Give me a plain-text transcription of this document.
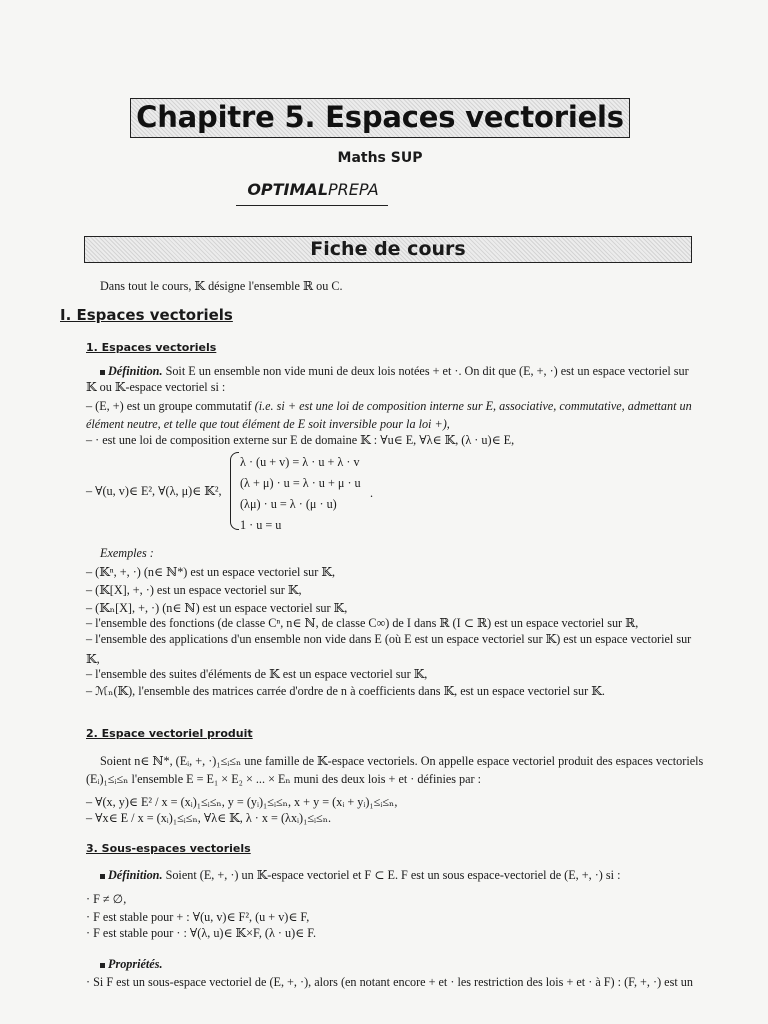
Chapitre 5. Espaces vectoriels
Maths SUP
OPTIMALPREPA
Fiche de cours
Dans tout le cours, 𝕂 désigne l'ensemble ℝ ou C.
I. Espaces vectoriels
1. Espaces vectoriels
Définition. Soit E un ensemble non vide muni de deux lois notées + et ·. On dit que (E, +, ·) est un espace vectoriel sur
𝕂 ou 𝕂-espace vectoriel si :
– (E, +) est un groupe commutatif (i.e. si + est une loi de composition interne sur E, associative, commutative, admettant un
élément neutre, et telle que tout élément de E soit inversible pour la loi +),
– · est une loi de composition externe sur E de domaine 𝕂 : ∀u∈ E, ∀λ∈ 𝕂, (λ · u)∈ E,
– ∀(u, v)∈ E², ∀(λ, μ)∈ 𝕂²,
λ · (u + v) = λ · u + λ · v
(λ + μ) · u = λ · u + μ · u
(λμ) · u = λ · (μ · u)
1 · u = u
.
Exemples :
– (𝕂ⁿ, +, ·) (n∈ ℕ*) est un espace vectoriel sur 𝕂,
– (𝕂[X], +, ·) est un espace vectoriel sur 𝕂,
– (𝕂ₙ[X], +, ·) (n∈ ℕ) est un espace vectoriel sur 𝕂,
– l'ensemble des fonctions (de classe Cⁿ, n∈ ℕ, de classe C∞) de I dans ℝ (I ⊂ ℝ) est un espace vectoriel sur ℝ,
– l'ensemble des applications d'un ensemble non vide dans E (où E est un espace vectoriel sur 𝕂) est un espace vectoriel sur
𝕂,
– l'ensemble des suites d'éléments de 𝕂 est un espace vectoriel sur 𝕂,
– ℳₙ(𝕂), l'ensemble des matrices carrée d'ordre de n à coefficients dans 𝕂, est un espace vectoriel sur 𝕂.
2. Espace vectoriel produit
Soient n∈ ℕ*, (Eᵢ, +, ·)₁≤ᵢ≤ₙ une famille de 𝕂-espace vectoriels. On appelle espace vectoriel produit des espaces vectoriels
(Eᵢ)₁≤ᵢ≤ₙ l'ensemble E = E₁ × E₂ × ... × Eₙ muni des deux lois + et · définies par :
– ∀(x, y)∈ E² / x = (xᵢ)₁≤ᵢ≤ₙ, y = (yᵢ)₁≤ᵢ≤ₙ, x + y = (xᵢ + yᵢ)₁≤ᵢ≤ₙ,
– ∀x∈ E / x = (xᵢ)₁≤ᵢ≤ₙ, ∀λ∈ 𝕂, λ · x = (λxᵢ)₁≤ᵢ≤ₙ.
3. Sous-espaces vectoriels
Définition. Soient (E, +, ·) un 𝕂-espace vectoriel et F ⊂ E. F est un sous espace-vectoriel de (E, +, ·) si :
· F ≠ ∅,
· F est stable pour + : ∀(u, v)∈ F², (u + v)∈ F,
· F est stable pour · : ∀(λ, u)∈ 𝕂×F, (λ · u)∈ F.
Propriétés.
· Si F est un sous-espace vectoriel de (E, +, ·), alors (en notant encore + et · les restriction des lois + et · à F) : (F, +, ·) est un
